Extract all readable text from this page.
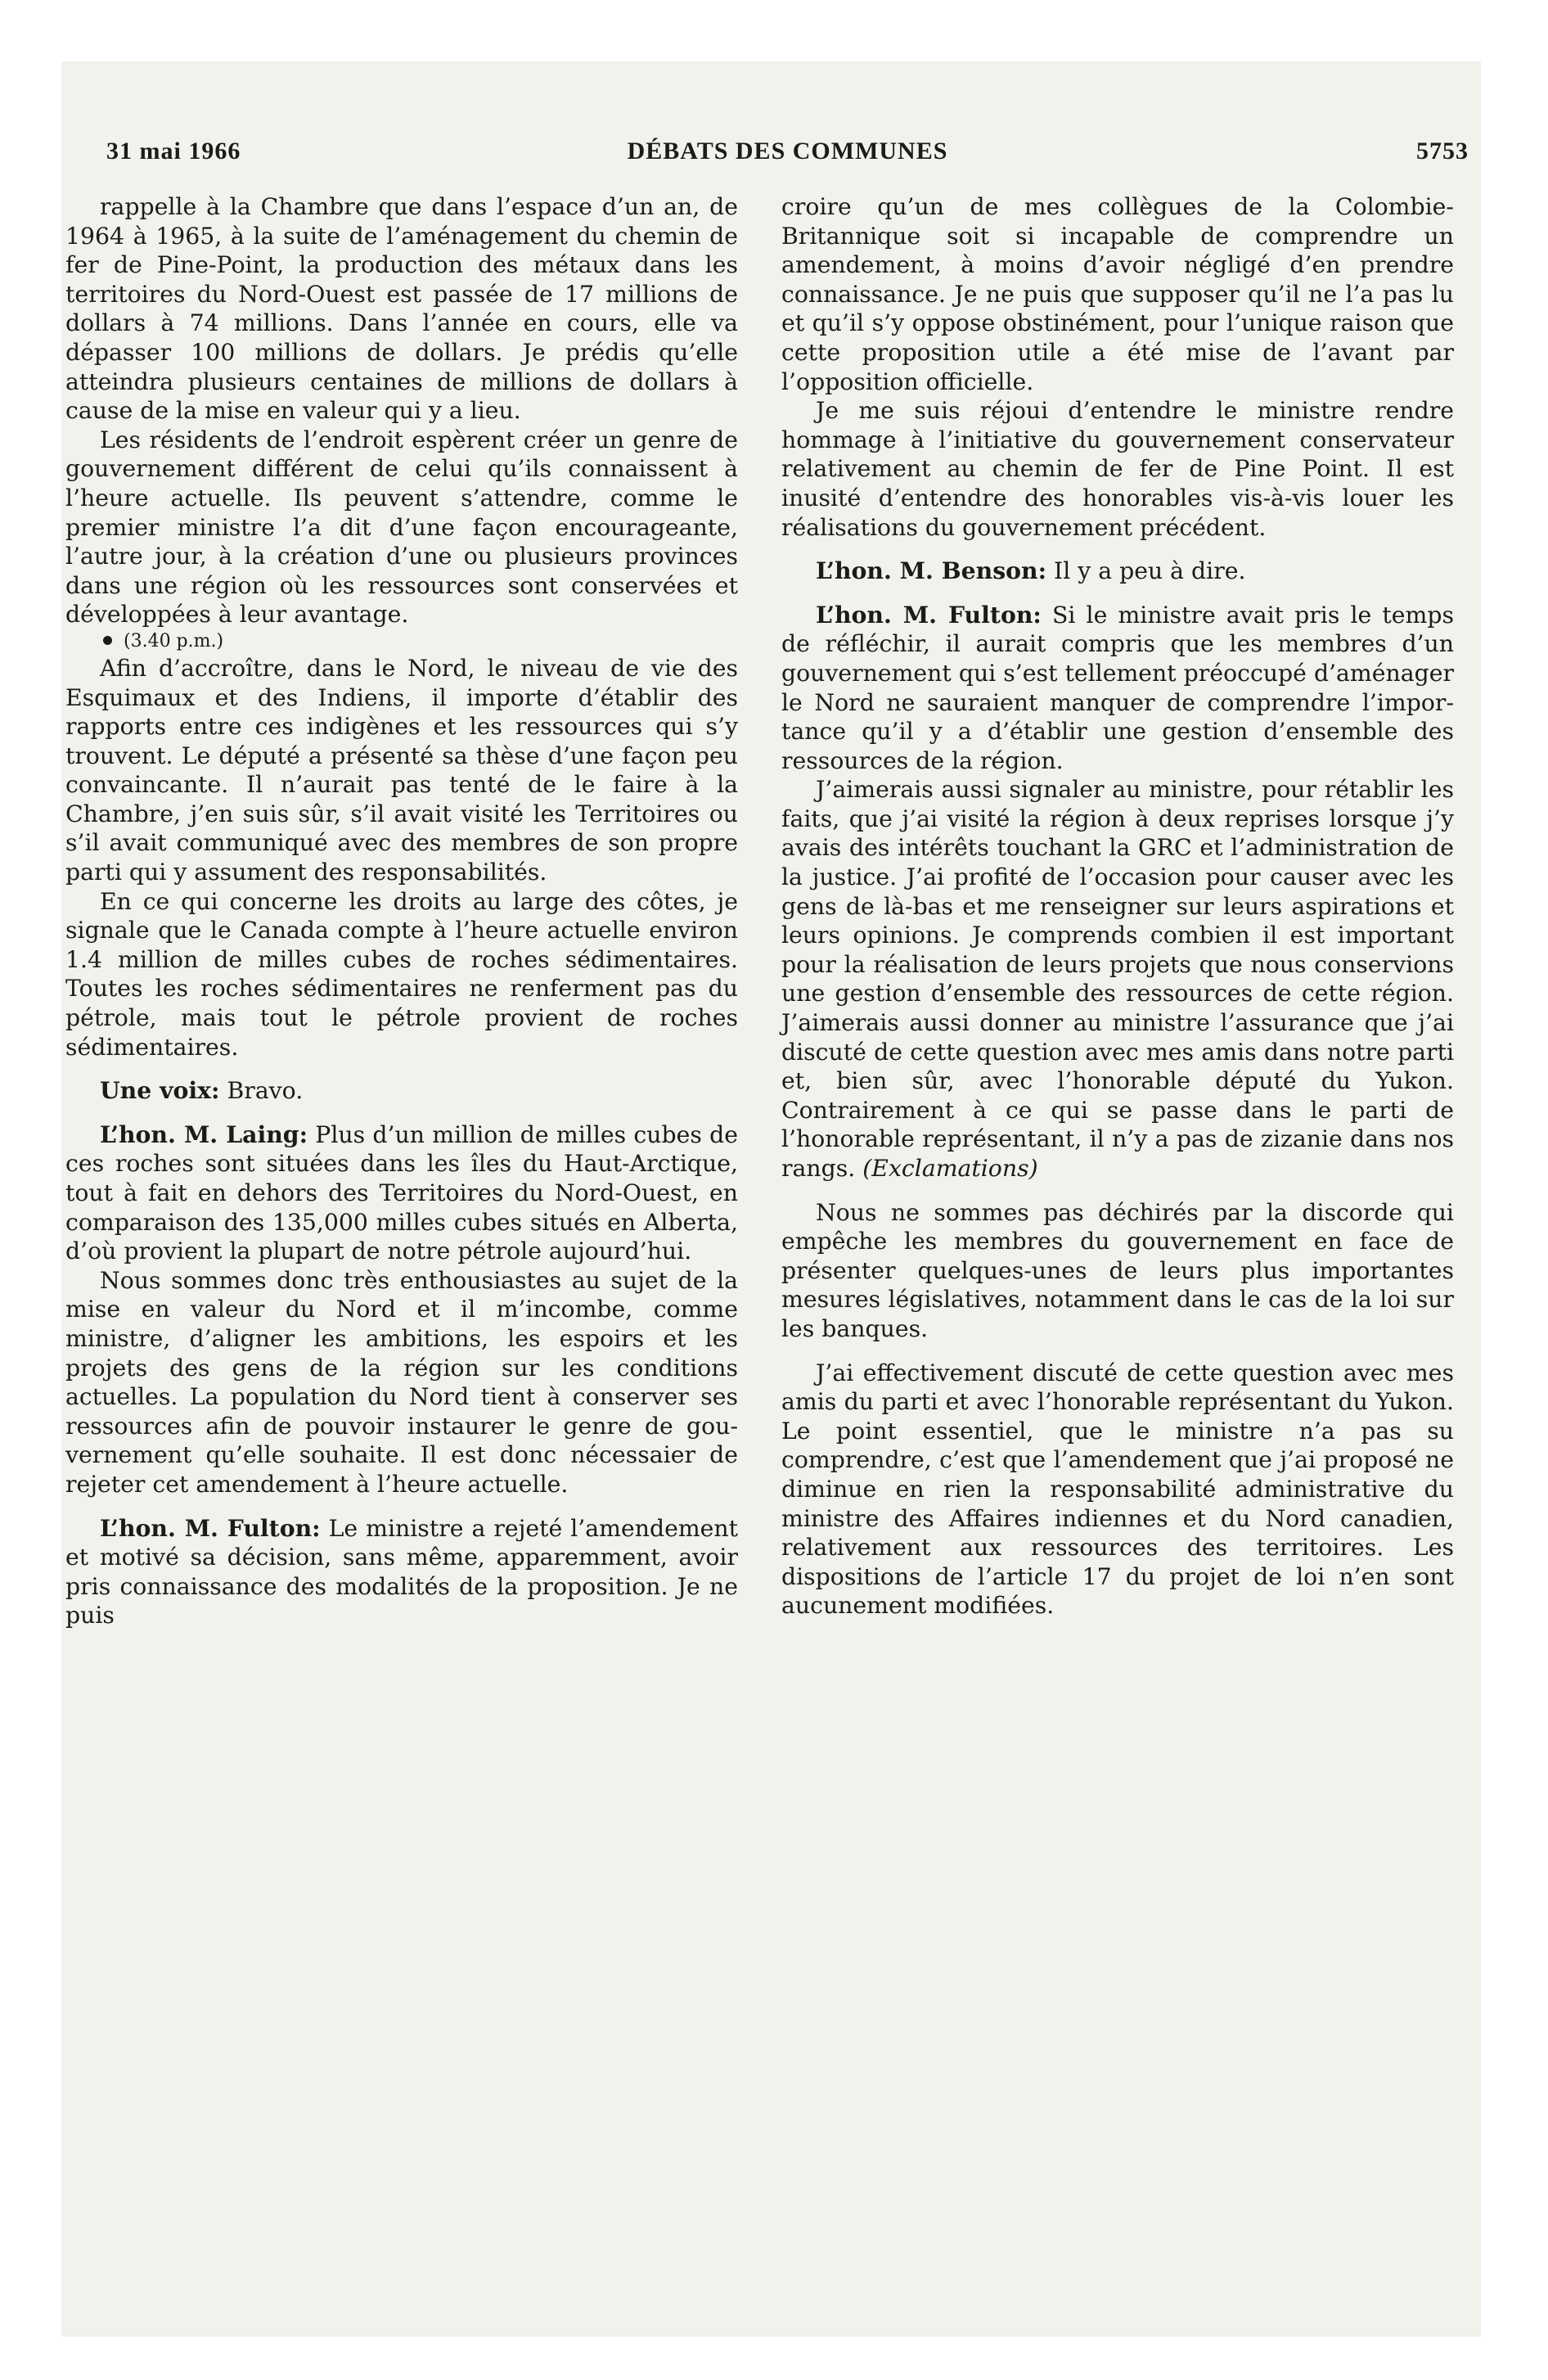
31 mai 1966	DÉBATS DES COMMUNES	5753

rappelle à la Chambre que dans l’espace d’un an, de 1964 à 1965, à la suite de l’aménagement du chemin de fer de Pine-Point, la production des métaux dans les territoires du Nord-Ouest est passée de 17 millions de dollars à 74 millions. Dans l’année en cours, elle va dépasser 100 millions de dollars. Je prédis qu’elle atteindra plusieurs centaines de millions de dollars à cause de la mise en valeur qui y a lieu.

Les résidents de l’endroit espèrent créer un genre de gouvernement différent de celui qu’ils connaissent à l’heure actuelle. Ils peuvent s’attendre, comme le premier ministre l’a dit d’une façon encourageante, l’autre jour, à la création d’une ou plusieurs provinces dans une région où les ressources sont conservées et développées à leur avantage.

(3.40 p.m.)

Afin d’accroître, dans le Nord, le niveau de vie des Esquimaux et des Indiens, il importe d’établir des rapports entre ces indigènes et les ressources qui s’y trouvent. Le député a présenté sa thèse d’une façon peu convaincante. Il n’aurait pas tenté de le faire à la Chambre, j’en suis sûr, s’il avait visité les Territoires ou s’il avait communiqué avec des membres de son propre parti qui y assument des responsabilités.

En ce qui concerne les droits au large des côtes, je signale que le Canada compte à l’heure actuelle environ 1.4 million de milles cubes de roches sédimentaires. Toutes les roches sédimentaires ne renferment pas du pétrole, mais tout le pétrole provient de roches sédimentaires.

Une voix: Bravo.

L’hon. M. Laing: Plus d’un million de milles cubes de ces roches sont situées dans les îles du Haut-Arctique, tout à fait en dehors des Territoires du Nord-Ouest, en comparaison des 135,000 milles cubes situés en Alberta, d’où provient la plupart de notre pétrole aujourd’hui.

Nous sommes donc très enthousiastes au sujet de la mise en valeur du Nord et il m’incombe, comme ministre, d’aligner les ambitions, les espoirs et les projets des gens de la région sur les conditions actuelles. La population du Nord tient à conserver ses ressources afin de pouvoir instaurer le genre de gouvernement qu’elle souhaite. Il est donc nécessaier de rejeter cet amendement à l’heure actuelle.

L’hon. M. Fulton: Le ministre a rejeté l’amendement et motivé sa décision, sans même, apparemment, avoir pris connaissance des modalités de la proposition. Je ne puis

croire qu’un de mes collègues de la Colombie-Britannique soit si incapable de comprendre un amendement, à moins d’avoir négligé d’en prendre connaissance. Je ne puis que supposer qu’il ne l’a pas lu et qu’il s’y oppose obstinément, pour l’unique raison que cette proposition utile a été mise de l’avant par l’opposition officielle.

Je me suis réjoui d’entendre le ministre rendre hommage à l’initiative du gouvernement conservateur relativement au chemin de fer de Pine Point. Il est inusité d’entendre des honorables vis-à-vis louer les réalisations du gouvernement précédent.

L’hon. M. Benson: Il y a peu à dire.

L’hon. M. Fulton: Si le ministre avait pris le temps de réfléchir, il aurait compris que les membres d’un gouvernement qui s’est tellement préoccupé d’aménager le Nord ne sauraient manquer de comprendre l’importance qu’il y a d’établir une gestion d’ensemble des ressources de la région.

J’aimerais aussi signaler au ministre, pour rétablir les faits, que j’ai visité la région à deux reprises lorsque j’y avais des intérêts touchant la GRC et l’administration de la justice. J’ai profité de l’occasion pour causer avec les gens de là-bas et me renseigner sur leurs aspirations et leurs opinions. Je comprends combien il est important pour la réalisation de leurs projets que nous conservions une gestion d’ensemble des ressources de cette région. J’aimerais aussi donner au ministre l’assurance que j’ai discuté de cette question avec mes amis dans notre parti et, bien sûr, avec l’honorable député du Yukon. Contrairement à ce qui se passe dans le parti de l’honorable représentant, il n’y a pas de zizanie dans nos rangs. (Exclamations)

Nous ne sommes pas déchirés par la discorde qui empêche les membres du gouvernement en face de présenter quelques-unes de leurs plus importantes mesures législatives, notamment dans le cas de la loi sur les banques.

J’ai effectivement discuté de cette question avec mes amis du parti et avec l’honorable représentant du Yukon. Le point essentiel, que le ministre n’a pas su comprendre, c’est que l’amendement que j’ai proposé ne diminue en rien la responsabilité administrative du ministre des Affaires indiennes et du Nord canadien, relativement aux ressources des territoires. Les dispositions de l’article 17 du projet de loi n’en sont aucunement modifiées.
